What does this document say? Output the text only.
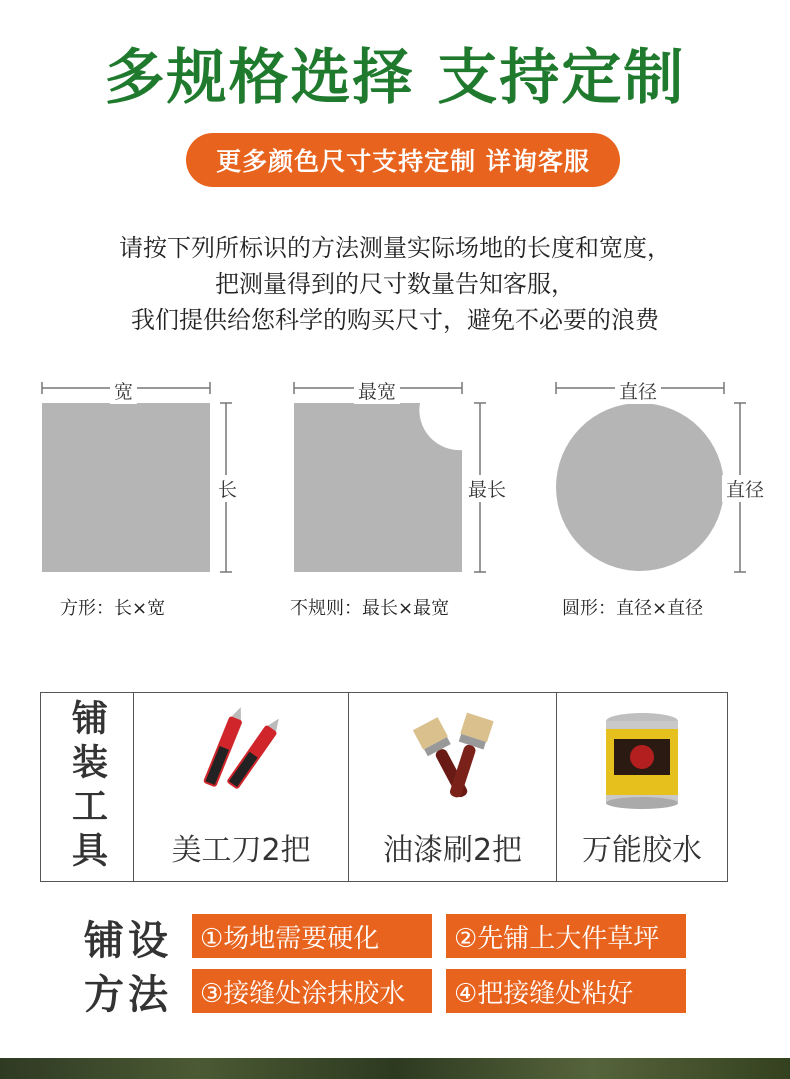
多规格选择 支持定制
更多颜色尺寸支持定制 详询客服
请按下列所标识的方法测量实际场地的长度和宽度，
把测量得到的尺寸数量告知客服，
我们提供给您科学的购买尺寸，避免不必要的浪费
宽
长
最宽
最长
直径
直径
方形：长×宽	不规则：最长×最宽	圆形：直径×直径
铺装工具	美工刀2把	油漆刷2把	万能胶水
铺设方法
①场地需要硬化	②先铺上大件草坪
③接缝处涂抹胶水	④把接缝处粘好
